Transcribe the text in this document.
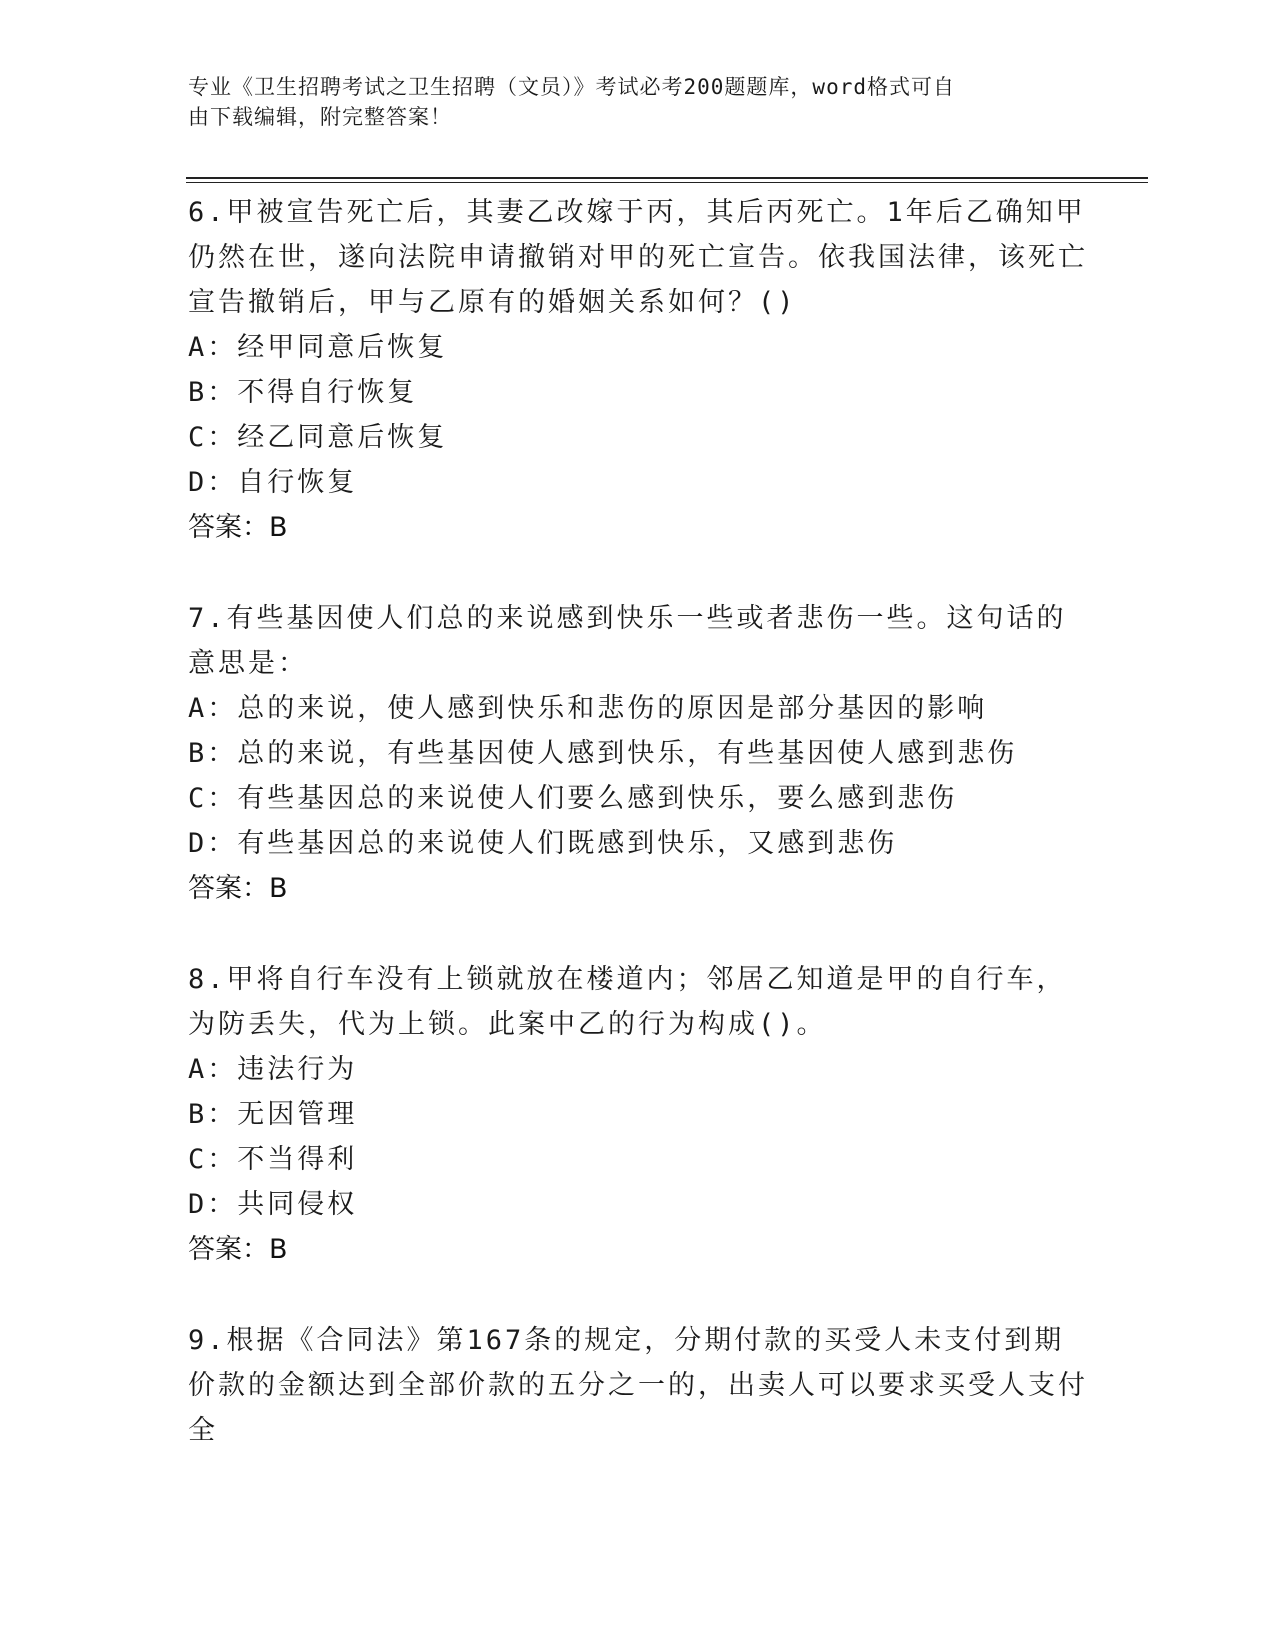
专业《卫生招聘考试之卫生招聘（文员）》考试必考200题题库，word格式可自
由下载编辑，附完整答案！

6.甲被宣告死亡后，其妻乙改嫁于丙，其后丙死亡。1年后乙确知甲仍然在世，遂向法院申请撤销对甲的死亡宣告。依我国法律，该死亡宣告撤销后，甲与乙原有的婚姻关系如何？()

A：经甲同意后恢复

B：不得自行恢复

C：经乙同意后恢复

D：自行恢复

答案：B

7.有些基因使人们总的来说感到快乐一些或者悲伤一些。这句话的意思是：

A：总的来说，使人感到快乐和悲伤的原因是部分基因的影响

B：总的来说，有些基因使人感到快乐，有些基因使人感到悲伤

C：有些基因总的来说使人们要么感到快乐，要么感到悲伤

D：有些基因总的来说使人们既感到快乐，又感到悲伤

答案：B

8.甲将自行车没有上锁就放在楼道内；邻居乙知道是甲的自行车，为防丢失，代为上锁。此案中乙的行为构成()。

A：违法行为

B：无因管理

C：不当得利

D：共同侵权

答案：B

9.根据《合同法》第167条的规定，分期付款的买受人未支付到期价款的金额达到全部价款的五分之一的，出卖人可以要求买受人支付全
